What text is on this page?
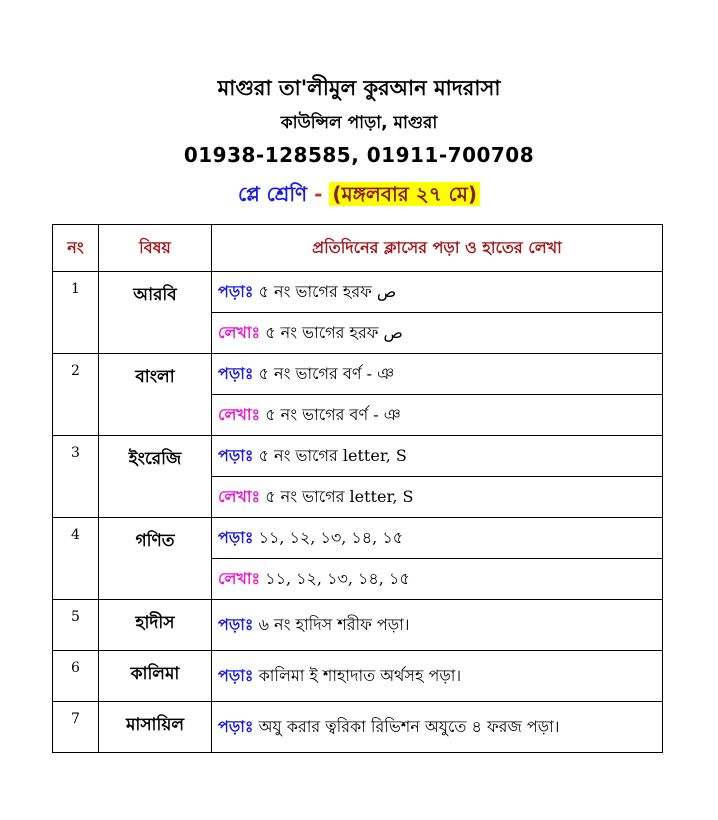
মাগুরা তা'লীমুল কুরআন মাদরাসা
কাউন্সিল পাড়া, মাগুরা
01938-128585, 01911-700708
প্লে শ্রেণি - (মঙ্গলবার ২৭ মে)
নং	বিষয়	প্রতিদিনের ক্লাসের পড়া ও হাতের লেখা
1	আরবি	পড়াঃ ৫ নং ভাগের হরফ ص
		লেখাঃ ৫ নং ভাগের হরফ ص
2	বাংলা	পড়াঃ ৫ নং ভাগের বর্ণ - ঞ
		লেখাঃ ৫ নং ভাগের বর্ণ - ঞ
3	ইংরেজি	পড়াঃ ৫ নং ভাগের letter, S
		লেখাঃ ৫ নং ভাগের letter, S
4	গণিত	পড়াঃ ১১, ১২, ১৩, ১৪, ১৫
		লেখাঃ ১১, ১২, ১৩, ১৪, ১৫
5	হাদীস	পড়াঃ ৬ নং হাদিস শরীফ পড়া।
6	কালিমা	পড়াঃ কালিমা ই শাহাদাত অর্থসহ পড়া।
7	মাসায়িল	পড়াঃ অযু করার ত্বরিকা রিভিশন অযুতে ৪ ফরজ পড়া।
